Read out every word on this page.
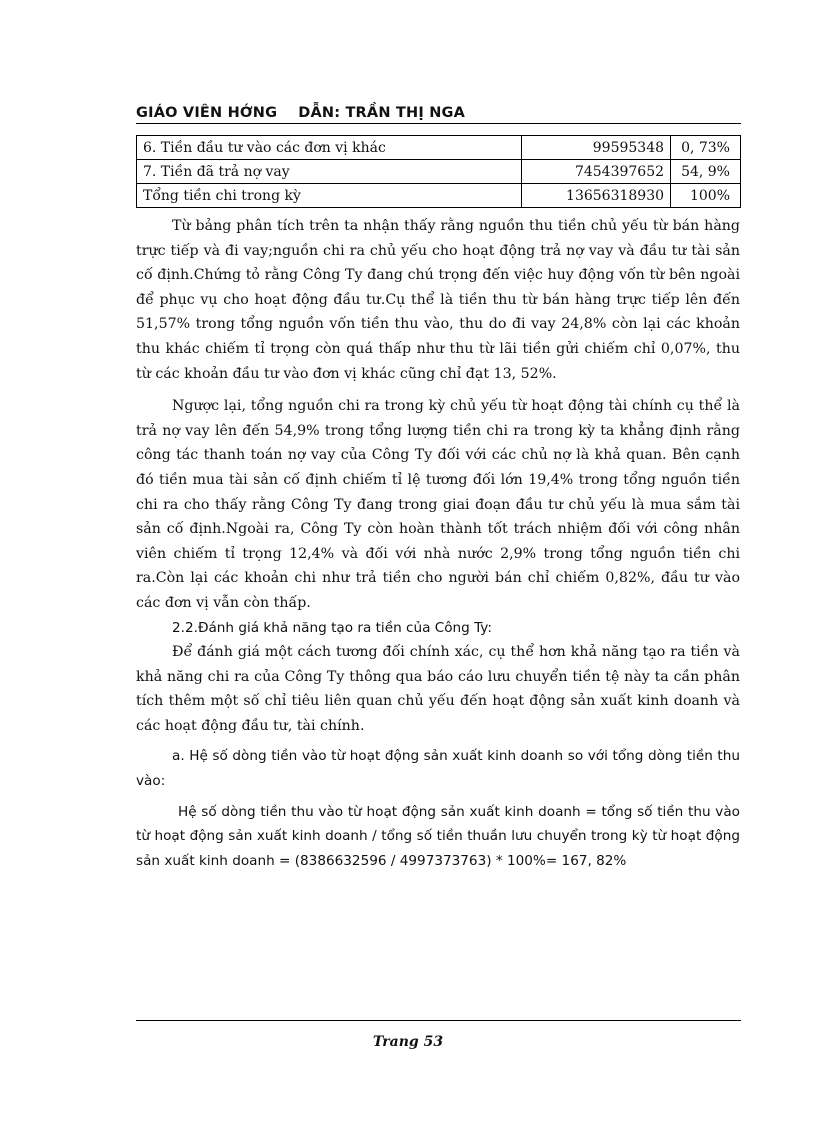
GIÁO VIÊN HỚNG    DẪN: TRẦN THỊ NGA
6. Tiền đầu tư vào các đơn vị khác	99595348	0, 73%
7. Tiền đã trả nợ vay	7454397652	54, 9%
Tổng tiền chi trong kỳ	13656318930	100%

Từ bảng phân tích trên ta nhận thấy rằng nguồn thu tiền chủ yếu từ bán hàng trực tiếp và đi vay;nguồn chi ra chủ yếu cho hoạt động trả nợ vay và đầu tư tài sản cố định.Chứng tỏ rằng Công Ty đang chú trọng đến việc huy động vốn từ bên ngoài để phục vụ cho hoạt động đầu tư.Cụ thể là tiền thu từ bán hàng trực tiếp lên đến 51,57% trong tổng nguồn vốn tiền thu vào, thu do đi vay 24,8% còn lại các khoản thu khác chiếm tỉ trọng còn quá thấp như thu từ lãi tiền gửi chiếm chỉ 0,07%, thu từ các khoản đầu tư vào đơn vị khác cũng chỉ đạt 13, 52%.

Ngược lại, tổng nguồn chi ra trong kỳ chủ yếu từ hoạt động tài chính cụ thể là trả nợ vay lên đến 54,9% trong tổng lượng tiền chi ra trong kỳ ta khẳng định rằng công tác thanh toán nợ vay của Công Ty đối với các chủ nợ là khả quan. Bên cạnh đó tiền mua tài sản cố định chiếm tỉ lệ tương đối lớn 19,4% trong tổng nguồn tiền chi ra cho thấy rằng Công Ty đang trong giai đoạn đầu tư chủ yếu là mua sắm tài sản cố định.Ngoài ra, Công Ty còn hoàn thành tốt trách nhiệm đối với công nhân viên chiếm tỉ trọng 12,4% và đối với nhà nước 2,9% trong tổng nguồn tiền chi ra.Còn lại các khoản chi như trả tiền cho người bán chỉ chiếm 0,82%, đầu tư vào các đơn vị vẫn còn thấp.

2.2.Đánh giá khả năng tạo ra tiền của Công Ty:

Để đánh giá một cách tương đối chính xác, cụ thể hơn khả năng tạo ra tiền và khả năng chi ra của Công Ty thông qua báo cáo lưu chuyển tiền tệ này ta cần phân tích thêm một số chỉ tiêu liên quan chủ yếu đến hoạt động sản xuất kinh doanh và các hoạt động đầu tư, tài chính.

a. Hệ số dòng tiền vào từ hoạt động sản xuất kinh doanh so với tổng dòng tiền thu vào:

Hệ số dòng tiền thu vào từ hoạt động sản xuất kinh doanh = tổng số tiền thu vào từ hoạt động sản xuất kinh doanh / tổng số tiền thuần lưu chuyển trong kỳ từ hoạt động sản xuất kinh doanh = (8386632596 / 4997373763) * 100%= 167, 82%

Trang 53
